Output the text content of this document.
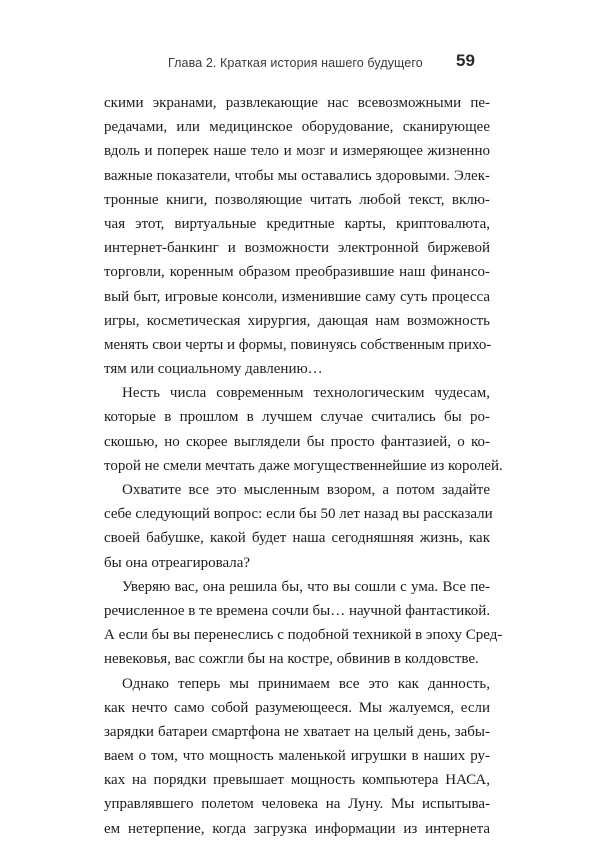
Глава 2. Краткая история нашего будущего 59
скими экранами, развлекающие нас всевозможными пе-
редачами, или медицинское оборудование, сканирующее
вдоль и поперек наше тело и мозг и измеряющее жизненно
важные показатели, чтобы мы оставались здоровыми. Элек-
тронные книги, позволяющие читать любой текст, вклю-
чая этот, виртуальные кредитные карты, криптовалюта,
интернет-банкинг и возможности электронной биржевой
торговли, коренным образом преобразившие наш финансо-
вый быт, игровые консоли, изменившие саму суть процесса
игры, косметическая хирургия, дающая нам возможность
менять свои черты и формы, повинуясь собственным прихо-
тям или социальному давлению…
Несть числа современным технологическим чудесам,
которые в прошлом в лучшем случае считались бы ро-
скошью, но скорее выглядели бы просто фантазией, о ко-
торой не смели мечтать даже могущественнейшие из королей.
Охватите все это мысленным взором, а потом задайте
себе следующий вопрос: если бы 50 лет назад вы рассказали
своей бабушке, какой будет наша сегодняшняя жизнь, как
бы она отреагировала?
Уверяю вас, она решила бы, что вы сошли с ума. Все пе-
речисленное в те времена сочли бы… научной фантастикой.
А если бы вы перенеслись с подобной техникой в эпоху Сред-
невековья, вас сожгли бы на костре, обвинив в колдовстве.
Однако теперь мы принимаем все это как данность,
как нечто само собой разумеющееся. Мы жалуемся, если
зарядки батареи смартфона не хватает на целый день, забы-
ваем о том, что мощность маленькой игрушки в наших ру-
ках на порядки превышает мощность компьютера НАСА,
управлявшего полетом человека на Луну. Мы испытыва-
ем нетерпение, когда загрузка информации из интернета
